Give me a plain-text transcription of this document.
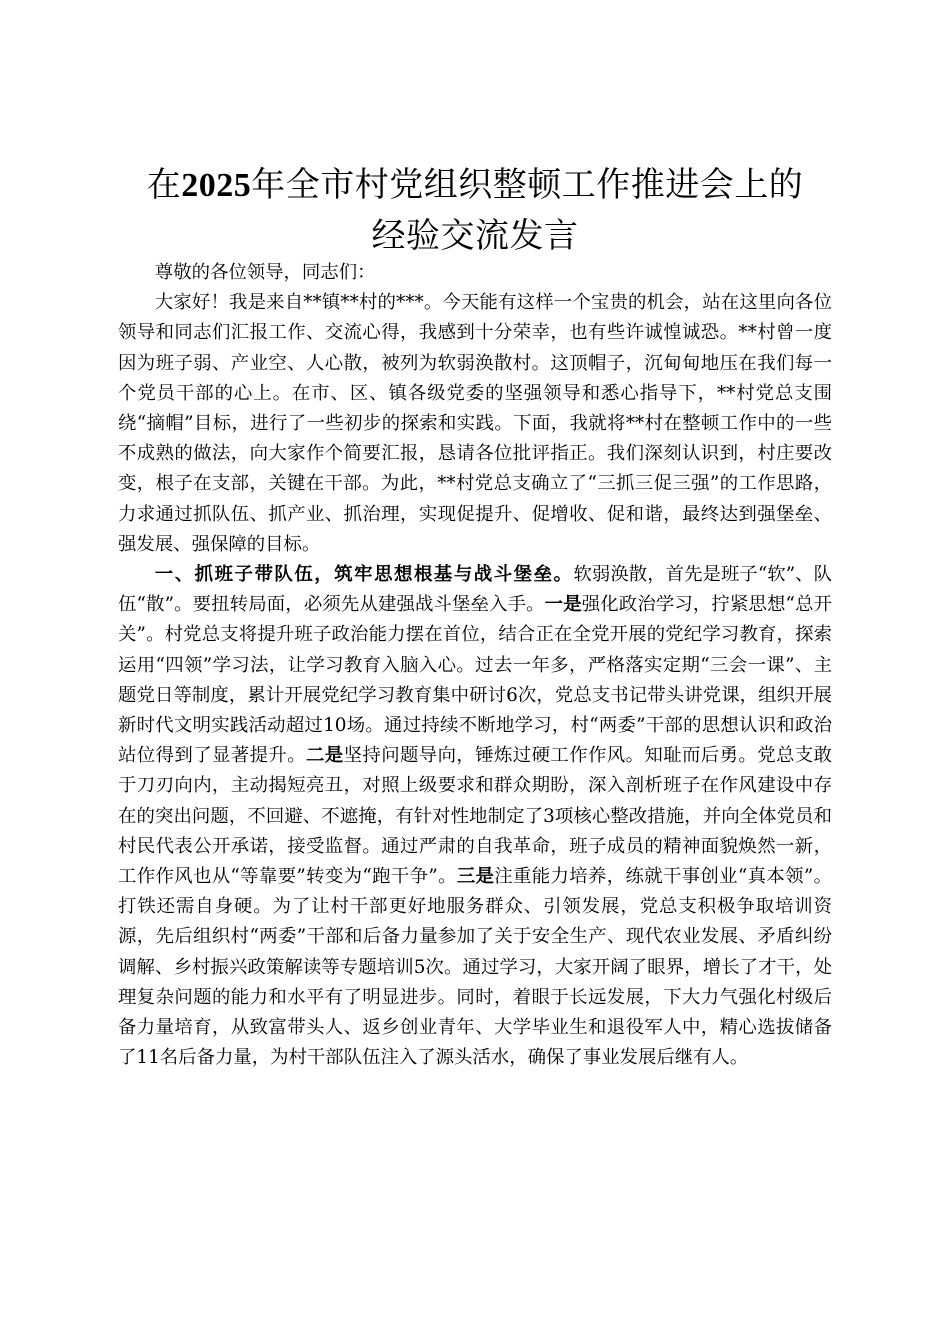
在2025年全市村党组织整顿工作推进会上的
经验交流发言

尊敬的各位领导，同志们：

大家好！我是来自**镇**村的***。今天能有这样一个宝贵的机会，站在这里向各位领导和同志们汇报工作、交流心得，我感到十分荣幸，也有些许诚惶诚恐。**村曾一度因为班子弱、产业空、人心散，被列为软弱涣散村。这顶帽子，沉甸甸地压在我们每一个党员干部的心上。在市、区、镇各级党委的坚强领导和悉心指导下，**村党总支围绕“摘帽”目标，进行了一些初步的探索和实践。下面，我就将**村在整顿工作中的一些不成熟的做法，向大家作个简要汇报，恳请各位批评指正。我们深刻认识到，村庄要改变，根子在支部，关键在干部。为此，**村党总支确立了“三抓三促三强”的工作思路，力求通过抓队伍、抓产业、抓治理，实现促提升、促增收、促和谐，最终达到强堡垒、强发展、强保障的目标。

一、抓班子带队伍，筑牢思想根基与战斗堡垒。软弱涣散，首先是班子“软”、队伍“散”。要扭转局面，必须先从建强战斗堡垒入手。一是强化政治学习，拧紧思想“总开关”。村党总支将提升班子政治能力摆在首位，结合正在全党开展的党纪学习教育，探索运用“四领”学习法，让学习教育入脑入心。过去一年多，严格落实定期“三会一课”、主题党日等制度，累计开展党纪学习教育集中研讨6次，党总支书记带头讲党课，组织开展新时代文明实践活动超过10场。通过持续不断地学习，村“两委”干部的思想认识和政治站位得到了显著提升。二是坚持问题导向，锤炼过硬工作作风。知耻而后勇。党总支敢于刀刃向内，主动揭短亮丑，对照上级要求和群众期盼，深入剖析班子在作风建设中存在的突出问题，不回避、不遮掩，有针对性地制定了3项核心整改措施，并向全体党员和村民代表公开承诺，接受监督。通过严肃的自我革命，班子成员的精神面貌焕然一新，工作作风也从“等靠要”转变为“跑干争”。三是注重能力培养，练就干事创业“真本领”。打铁还需自身硬。为了让村干部更好地服务群众、引领发展，党总支积极争取培训资源，先后组织村“两委”干部和后备力量参加了关于安全生产、现代农业发展、矛盾纠纷调解、乡村振兴政策解读等专题培训5次。通过学习，大家开阔了眼界，增长了才干，处理复杂问题的能力和水平有了明显进步。同时，着眼于长远发展，下大力气强化村级后备力量培育，从致富带头人、返乡创业青年、大学毕业生和退役军人中，精心选拔储备了11名后备力量，为村干部队伍注入了源头活水，确保了事业发展后继有人。
